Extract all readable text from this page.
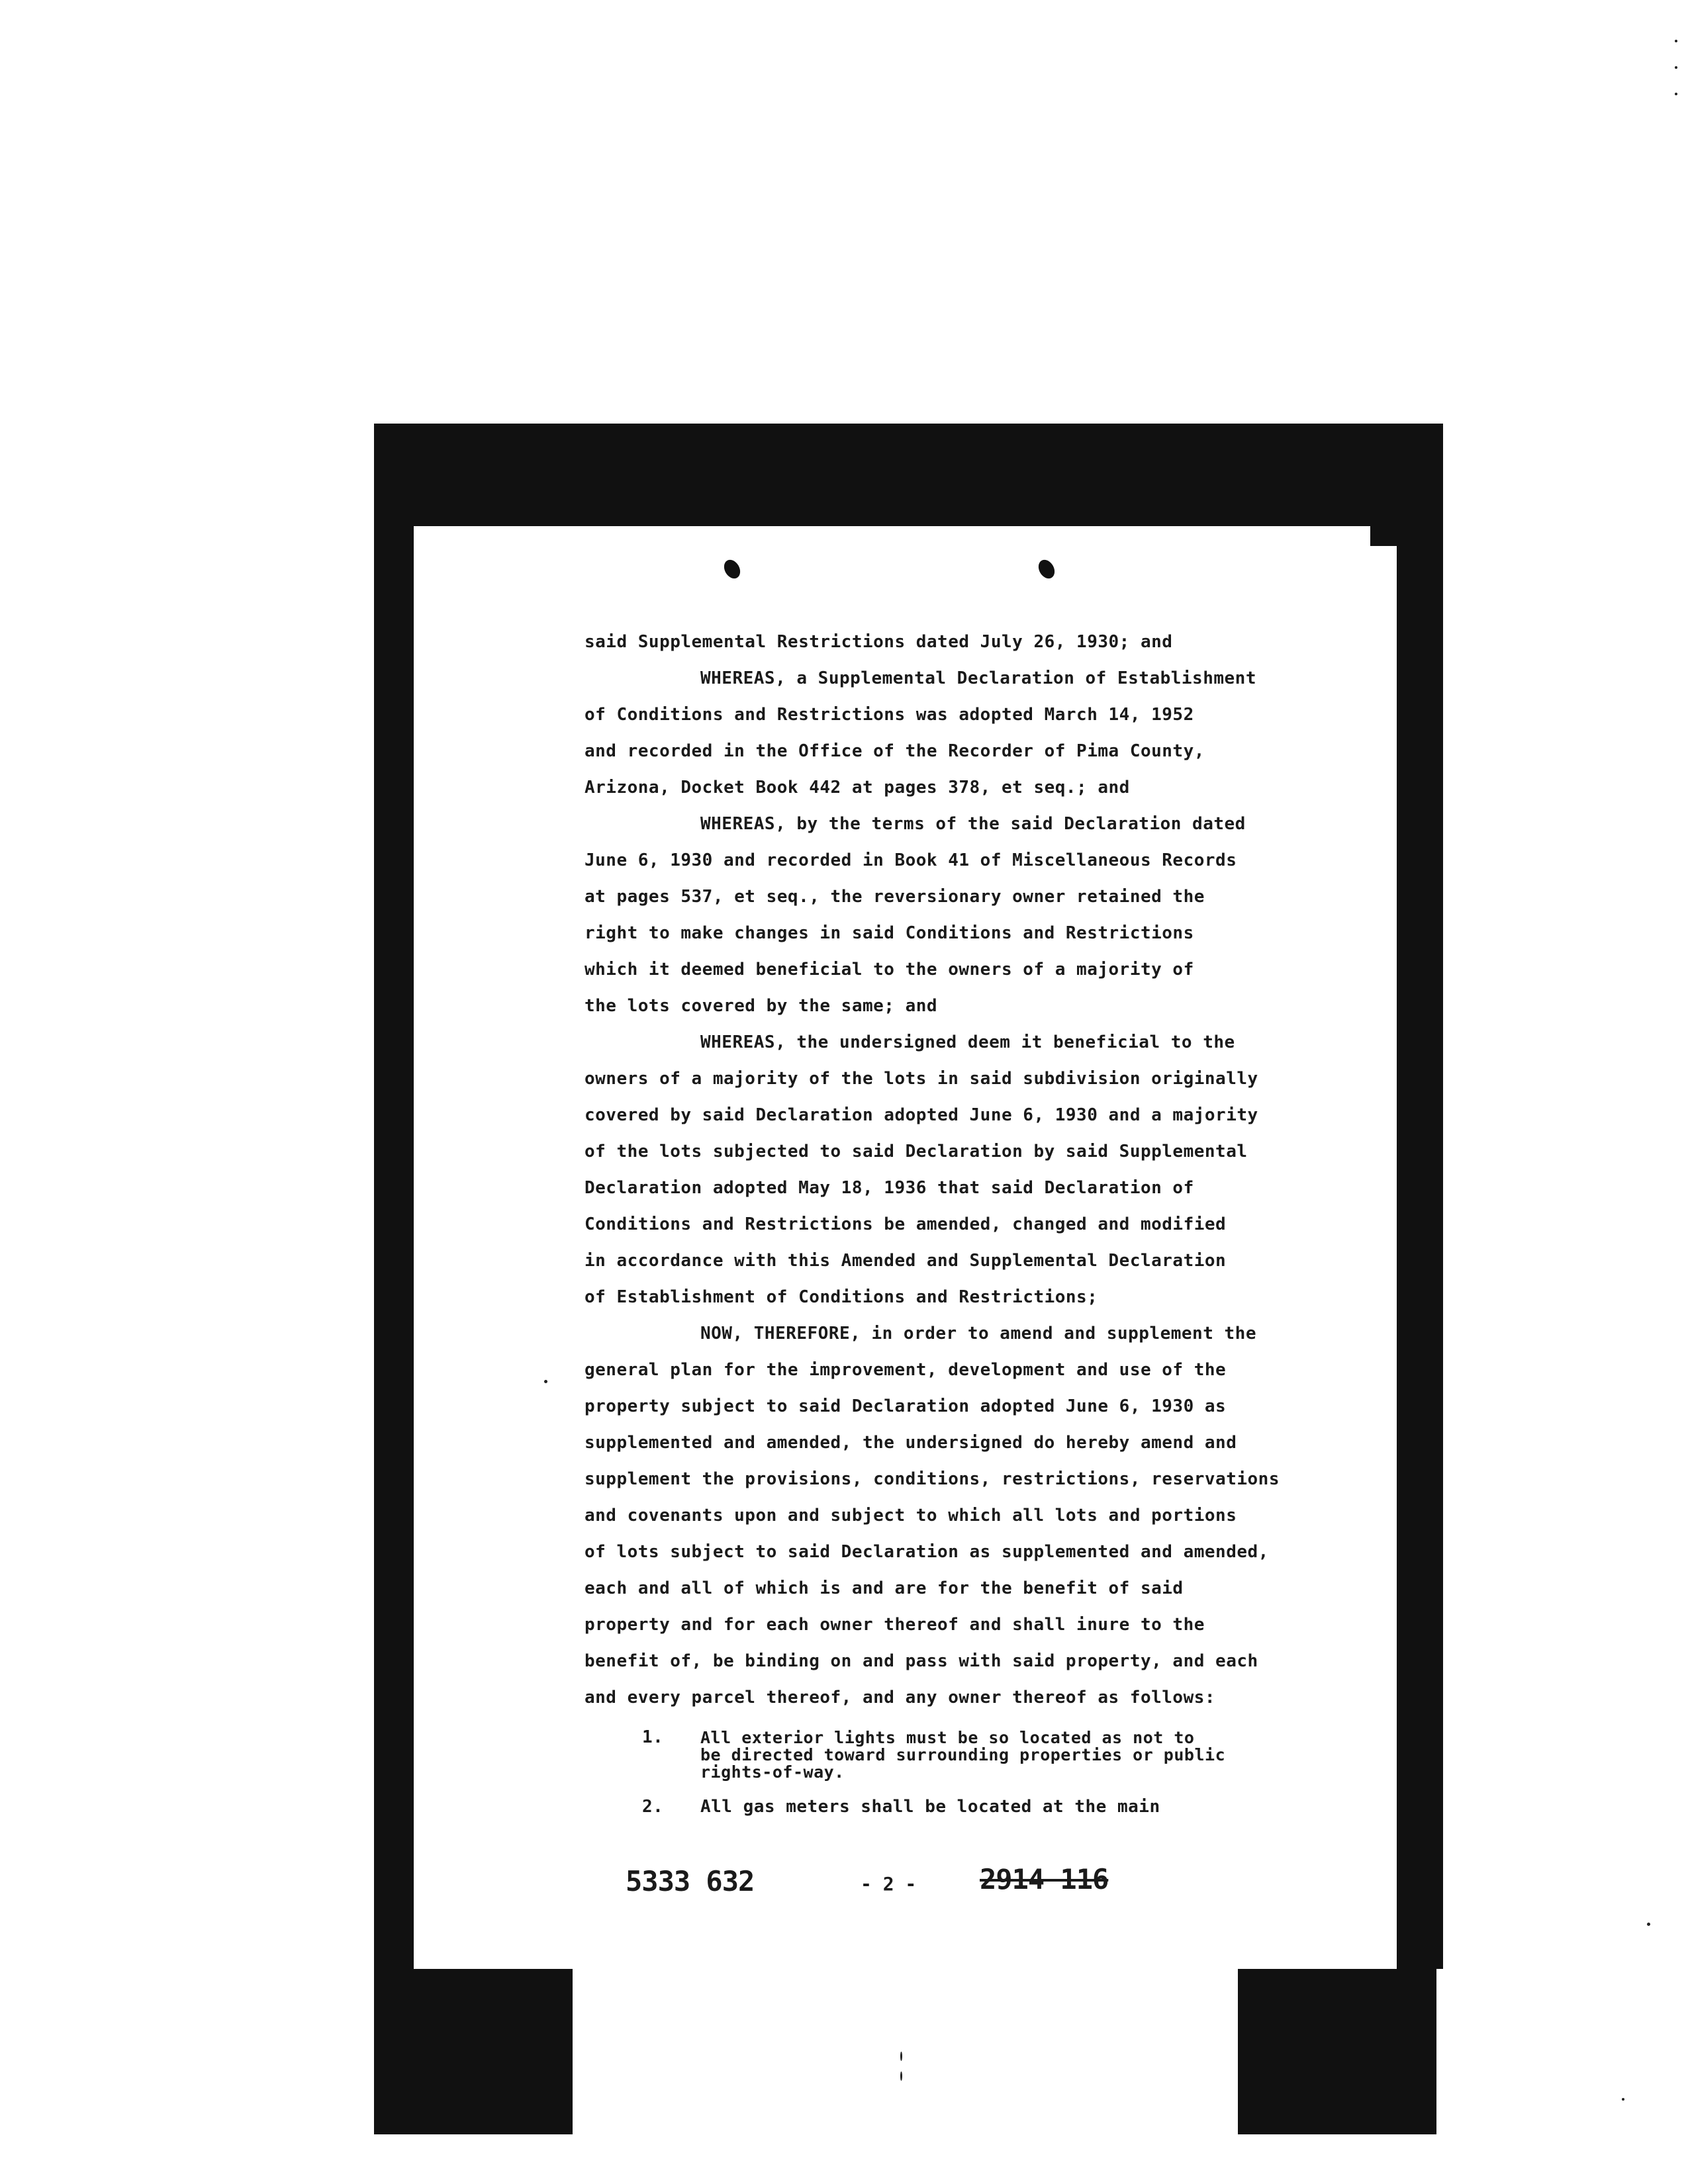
said Supplemental Restrictions dated July 26, 1930; and
WHEREAS, a Supplemental Declaration of Establishment
of Conditions and Restrictions was adopted March 14, 1952
and recorded in the Office of the Recorder of Pima County,
Arizona, Docket Book 442 at pages 378, et seq.; and
WHEREAS, by the terms of the said Declaration dated
June 6, 1930 and recorded in Book 41 of Miscellaneous Records
at pages 537, et seq., the reversionary owner retained the
right to make changes in said Conditions and Restrictions
which it deemed beneficial to the owners of a majority of
the lots covered by the same; and
WHEREAS, the undersigned deem it beneficial to the
owners of a majority of the lots in said subdivision originally
covered by said Declaration adopted June 6, 1930 and a majority
of the lots subjected to said Declaration by said Supplemental
Declaration adopted May 18, 1936 that said Declaration of
Conditions and Restrictions be amended, changed and modified
in accordance with this Amended and Supplemental Declaration
of Establishment of Conditions and Restrictions;
NOW, THEREFORE, in order to amend and supplement the
general plan for the improvement, development and use of the
property subject to said Declaration adopted June 6, 1930 as
supplemented and amended, the undersigned do hereby amend and
supplement the provisions, conditions, restrictions, reservations
and covenants upon and subject to which all lots and portions
of lots subject to said Declaration as supplemented and amended,
each and all of which is and are for the benefit of said
property and for each owner thereof and shall inure to the
benefit of, be binding on and pass with said property, and each
and every parcel thereof, and any owner thereof as follows:
1. All exterior lights must be so located as not to
be directed toward surrounding properties or public
rights-of-way.
2. All gas meters shall be located at the main
5333 632	- 2 - 2914 116
